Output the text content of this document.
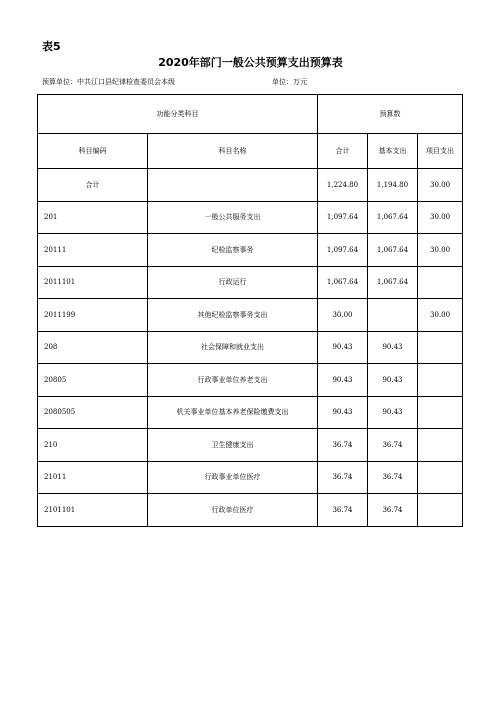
表5
2020年部门一般公共预算支出预算表
预算单位：中共江口县纪律检查委员会本级	单位：万元
功能分类科目		预算数		
科目编码	科目名称	合计	基本支出	项目支出
合计		1,224.80	1,194.80	30.00
201	一般公共服务支出	1,097.64	1,067.64	30.00
20111	纪检监察事务	1,097.64	1,067.64	30.00
2011101	行政运行	1,067.64	1,067.64	
2011199	其他纪检监察事务支出	30.00		30.00
208	社会保障和就业支出	90.43	90.43	
20805	行政事业单位养老支出	90.43	90.43	
2080505	机关事业单位基本养老保险缴费支出	90.43	90.43	
210	卫生健康支出	36.74	36.74	
21011	行政事业单位医疗	36.74	36.74	
2101101	行政单位医疗	36.74	36.74	
